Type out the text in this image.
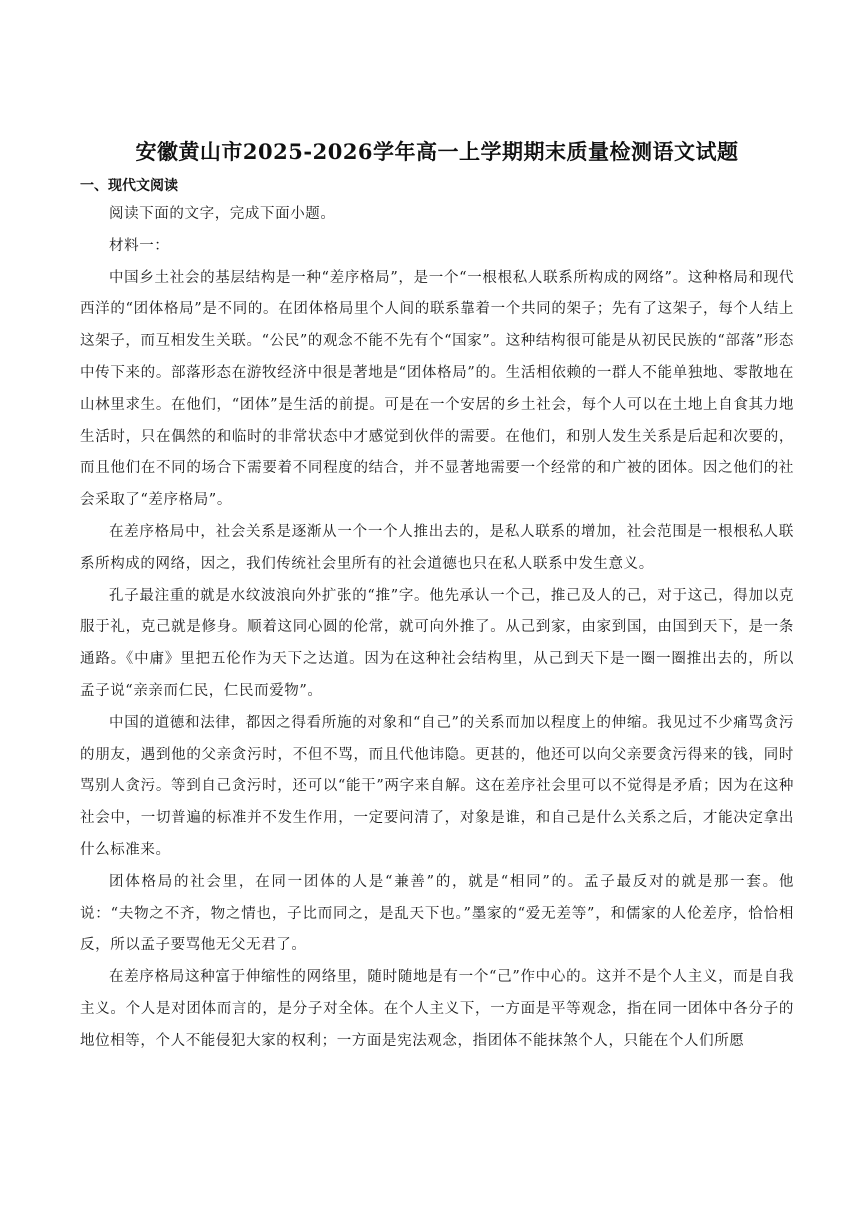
安徽黄山市2025-2026学年高一上学期期末质量检测语文试题
一、现代文阅读

阅读下面的文字，完成下面小题。

材料一：

中国乡土社会的基层结构是一种“差序格局”，是一个“一根根私人联系所构成的网络”。这种格局和现代西洋的“团体格局”是不同的。在团体格局里个人间的联系靠着一个共同的架子；先有了这架子，每个人结上这架子，而互相发生关联。“公民”的观念不能不先有个“国家”。这种结构很可能是从初民民族的“部落”形态中传下来的。部落形态在游牧经济中很是著地是“团体格局”的。生活相依赖的一群人不能单独地、零散地在山林里求生。在他们，“团体”是生活的前提。可是在一个安居的乡土社会，每个人可以在土地上自食其力地生活时，只在偶然的和临时的非常状态中才感觉到伙伴的需要。在他们，和别人发生关系是后起和次要的，而且他们在不同的场合下需要着不同程度的结合，并不显著地需要一个经常的和广被的团体。因之他们的社会采取了“差序格局”。

在差序格局中，社会关系是逐渐从一个一个人推出去的，是私人联系的增加，社会范围是一根根私人联系所构成的网络，因之，我们传统社会里所有的社会道德也只在私人联系中发生意义。

孔子最注重的就是水纹波浪向外扩张的“推”字。他先承认一个己，推己及人的己，对于这己，得加以克服于礼，克己就是修身。顺着这同心圆的伦常，就可向外推了。从己到家，由家到国，由国到天下，是一条通路。《中庸》里把五伦作为天下之达道。因为在这种社会结构里，从己到天下是一圈一圈推出去的，所以孟子说“亲亲而仁民，仁民而爱物”。

中国的道德和法律，都因之得看所施的对象和“自己”的关系而加以程度上的伸缩。我见过不少痛骂贪污的朋友，遇到他的父亲贪污时，不但不骂，而且代他讳隐。更甚的，他还可以向父亲要贪污得来的钱，同时骂别人贪污。等到自己贪污时，还可以“能干”两字来自解。这在差序社会里可以不觉得是矛盾；因为在这种社会中，一切普遍的标准并不发生作用，一定要问清了，对象是谁，和自己是什么关系之后，才能决定拿出什么标准来。

团体格局的社会里，在同一团体的人是“兼善”的，就是“相同”的。孟子最反对的就是那一套。他说：“夫物之不齐，物之情也，子比而同之，是乱天下也。”墨家的“爱无差等”，和儒家的人伦差序，恰恰相反，所以孟子要骂他无父无君了。

在差序格局这种富于伸缩性的网络里，随时随地是有一个“己”作中心的。这并不是个人主义，而是自我主义。个人是对团体而言的，是分子对全体。在个人主义下，一方面是平等观念，指在同一团体中各分子的地位相等，个人不能侵犯大家的权利；一方面是宪法观念，指团体不能抹煞个人，只能在个人们所愿
